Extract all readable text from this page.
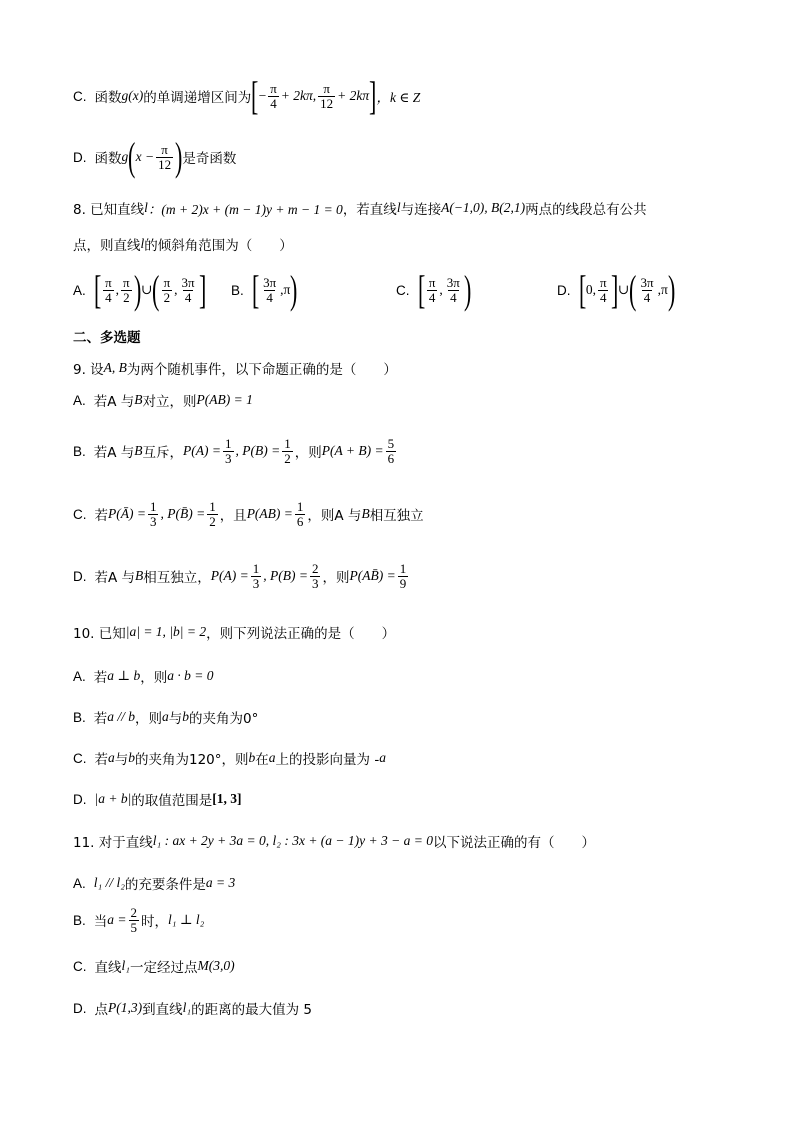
C. 函数 g(x) 的单调递增区间为 [ − $\frac{\pi}{4} + 2k\pi$, $\frac{\pi}{12} + 2k\pi$ ] ，k ∈ Z
D. 函数 g ( $x - \frac{\pi}{12}$ ) 是奇函数
8. 已知直线 l ：(m + 2)x + (m − 1)y + m − 1 = 0 ，若直线 l 与连接 A(−1,0), B(2,1) 两点的线段总有公共
点，则直线 l 的倾斜角范围为（　　）
A. [ $\frac{\pi}{4}$ , $\frac{\pi}{2}$ ) ∪ ( $\frac{\pi}{2}$ , $\frac{3\pi}{4}$ ] B. [ $\frac{3\pi}{4} ,\pi$ )	C. [ $\frac{\pi}{4}$ , $\frac{3\pi}{4}$ )	D. [ 0, $\frac{\pi}{4}$ ] ∪ ( $\frac{3\pi}{4} ,\pi$ )
二、多选题
9. 设 A, B 为两个随机事件，以下命题正确的是（　　）
A. 若A 与 B 对立，则 P(AB) = 1
B. 若A 与 B 互斥， $P(A) = \frac{1}{3}$ , $P(B) = \frac{1}{2}$ ，则 $P(A + B) = \frac{5}{6}$
C. 若 P(Ā) = $\frac{1}{3}$ , P(B̄) = $\frac{1}{2}$ ，且 $P(AB) = \frac{1}{6}$ ，则A 与 B 相互独立
D. 若A 与 B 相互独立， $P(A) = \frac{1}{3}$ , $P(B) = \frac{2}{3}$ ，则 P(AB̄) = $\frac{1}{9}$
10. 已知 |a| = 1, |b| = 2 ，则下列说法正确的是（　　）
A. 若 a ⊥ b ，则 a · b = 0
B. 若 a // b ，则 a 与 b 的夹角为0°
C. 若 a 与 b 的夹角为120°，则 b 在 a 上的投影向量为 - a
D. |a + b| 的取值范围是 [1, 3]
11. 对于直线 l₁ : ax + 2y + 3a = 0, l₂ : 3x + (a − 1)y + 3 − a = 0 以下说法正确的有（　　）
A. l₁ // l₂ 的充要条件是 a = 3
B. 当 $a = \frac{2}{5}$ 时， l₁ ⊥ l₂
C. 直线 l₁ 一定经过点 M(3,0)
D. 点 P(1,3) 到直线 l₁ 的距离的最大值为 5
